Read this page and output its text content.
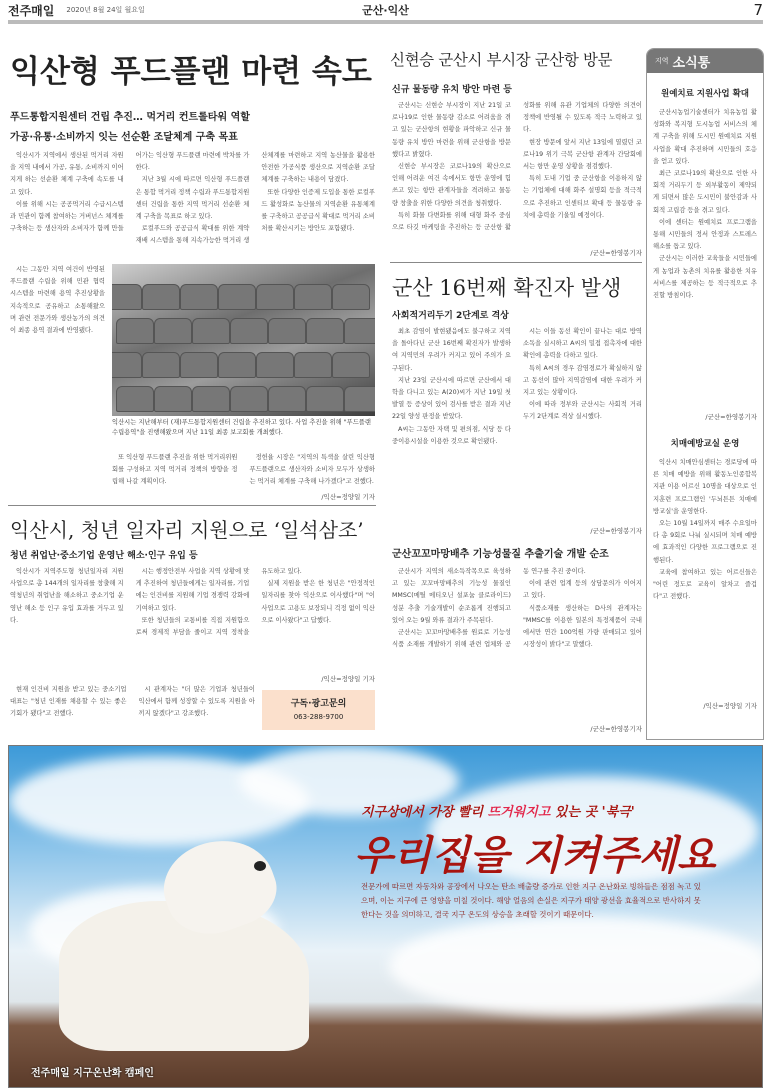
전주매일 2020년 8월 24일 월요일	군산·익산	7
익산형 푸드플랜 마련 속도
푸드통합지원센터 건립 추진… 먹거리 컨트롤타워 역할
가공·유통·소비까지 잇는 선순환 조달체계 구축 목표

익산시가 지역에서 생산된 먹거리 자원을 지역 내에서 가공, 유통, 소비까지 이어지게 하는 선순환 체계 구축에 속도를 내고 있다.

이를 위해 시는 공공먹거리 수급시스템과 민관이 함께 참여하는 거버넌스 체계를 구축하는 등 생산자와 소비자가 함께 만들어가는 익산형 푸드플랜 마련에 박차를 가한다.

지난 3월 시에 따르면 익산형 푸드플랜은 통합 먹거리 정책 수립과 푸드통합지원센터 건립을 통한 지역 먹거리 선순환 체계 구축을 목표로 하고 있다.

로컬푸드와 공공급식 확대를 위한 계약재배 시스템을 통해 지속가능한 먹거리 생산체계를 마련하고 지역 농산물을 활용한 안전한 가공식품 생산으로 지역순환 조달체계를 구축하는 내용이 담겼다.

또한 다양한 인증제 도입을 통한 로컬푸드 활성화로 농산물의 지역순환 유통체계를 구축하고 공공급식 확대로 먹거리 소비처를 확산시키는 방안도 포함됐다.

시는 그동안 지역 여건이 반영된 푸드플랜 수립을 위해 민관 협력 시스템을 마련해 용역 추진상황을 지속적으로 공유하고 소통해왔으며 관련 전문가와 생산농가의 의견이 최종 용역 결과에 반영됐다.

익산시는 지난해부터 (재)푸드통합지원센터 건립을 추진하고 있다. 사업 추진을 위해 "푸드플랜 수립용역"을 진행해왔으며 지난 11일 최종 보고회를 개최했다.

또 익산형 푸드플랜 추진을 위한 먹거리위원회를 구성하고 지역 먹거리 정책의 방향을 정립해 나갈 계획이다.

정헌율 시장은 "지역의 특색을 살린 익산형 푸드플랜으로 생산자와 소비자 모두가 상생하는 먹거리 체계를 구축해 나가겠다"고 전했다.

/익산=정양일 기자
익산시, 청년 일자리 지원으로 ‘일석삼조’
청년 취업난·중소기업 운영난 해소·인구 유입 등

익산시가 지역주도형 청년일자리 지원사업으로 총 144개의 일자리를 창출해 지역청년의 취업난을 해소하고 중소기업 운영난 해소 등 인구 유입 효과를 거두고 있다.

시는 행정안전부 사업을 지역 상황에 맞게 추진하여 청년들에게는 일자리를, 기업에는 인건비를 지원해 기업 경쟁력 강화에 기여하고 있다.

또한 청년들의 교통비를 직접 지원함으로써 경제적 부담을 줄이고 지역 정착을 유도하고 있다.

실제 지원을 받은 한 청년은 "안정적인 일자리를 찾아 익산으로 이사했다"며 "이 사업으로 고용도 보장되니 걱정 없이 익산으로 이사왔다"고 답했다.

현재 인건비 지원을 받고 있는 중소기업 대표는 "청년 인재를 채용할 수 있는 좋은 기회가 됐다"고 전했다.

시 관계자는 "더 많은 기업과 청년들이 익산에서 함께 성장할 수 있도록 지원을 아끼지 않겠다"고 강조했다.

/익산=정양일 기자
구독·광고문의
063-288-9700
신현승 군산시 부시장 군산항 방문
신규 물동량 유치 방안 마련 등

군산시는 신현승 부시장이 지난 21일 코로나19로 인한 물동량 감소로 어려움을 겪고 있는 군산항의 현황을 파악하고 신규 물동량 유치 방안 마련을 위해 군산항을 방문했다고 밝혔다.

신현승 부시장은 코로나19의 확산으로 인해 어려운 여건 속에서도 항만 운영에 힘쓰고 있는 항만 관계자들을 격려하고 물동량 창출을 위한 다양한 의견을 청취했다.

특히 화물 다변화를 위해 대형 화주 중심으로 타깃 마케팅을 추진하는 등 군산항 활성화를 위해 유관 기업체의 다양한 의견이 정책에 반영될 수 있도록 적극 노력하고 있다.

현장 방문에 앞서 지난 13일에 열렸던 코로나19 위기 극복 군산항 관계자 간담회에서는 항만 운영 상황을 점검했다.

특히 도내 기업 중 군산항을 이용하지 않는 기업체에 대해 화주 설명회 등을 적극적으로 추진하고 인센티브 확대 등 물동량 유치에 총력을 기울일 예정이다.

/군산=한영봉기자
군산 16번째 확진자 발생
사회적거리두기 2단계로 격상

최초 감염이 발현됐음에도 불구하고 지역을 돌아다닌 군산 16번째 확진자가 발생하여 지역민의 우려가 커지고 있어 주의가 요구된다.

지난 23일 군산시에 따르면 군산에서 대학을 다니고 있는 A(20)씨가 지난 19일 첫 발열 등 증상이 있어 검사를 받은 결과 지난 22일 양성 판정을 받았다.

A씨는 그동안 자택 및 편의점, 식당 등 다중이용시설을 이용한 것으로 확인됐다.

시는 이들 동선 확인이 끝나는 대로 방역 소독을 실시하고 A씨의 밀접 접촉자에 대한 확인에 총력을 다하고 있다.

특히 A씨의 경우 감염경로가 확실하지 않고 동선이 많아 지역감염에 대한 우려가 커지고 있는 상황이다.

이에 따라 정부와 군산시는 사회적 거리두기 2단계로 격상 실시했다.

/군산=한영봉기자
군산꼬꼬마망배추 기능성물질 추출기술 개발 순조

군산시가 지역의 새소득작목으로 육성하고 있는 꼬꼬마망배추의 기능성 물질인 MMSC(메틸 메티오닌 설포늄 클로라이드) 성분 추출 기술개발이 순조롭게 진행되고 있어 오는 9월 와류 결과가 주목된다.

군산시는 꼬꼬마망배추를 원료로 기능성 식품 소재를 개발하기 위해 관련 업체와 공동 연구를 추진 중이다.

이에 관련 업계 등의 상담문의가 이어지고 있다.

식품소재를 생산하는 D사의 관계자는 "MMSC를 이용한 일본의 특정제품이 국내에서만 연간 100억원 가량 판매되고 있어 시장성이 밝다"고 말했다.

/군산=한영봉기자
지역 소식통
원예치료 지원사업 확대

군산시농업기술센터가 치유농업 활성화와 복지형 도시농업 서비스의 체계 구축을 위해 도시민 원예치료 지원사업을 확대 추진하며 시민들의 호응을 얻고 있다.

최근 코로나19의 확산으로 인한 사회적 거리두기 등 외부활동이 제약되게 되면서 많은 도시민이 불안감과 사회적 고립감 등을 겪고 있다.

이에 센터는 원예치료 프로그램을 통해 시민들의 정서 안정과 스트레스 해소를 돕고 있다.

군산시는 이러한 교육들을 시민들에게 농업과 농촌의 치유를 활용한 치유 서비스를 제공하는 등 적극적으로 추진할 방침이다.

/군산=한영봉기자
치매예방교실 운영

익산시 치매안심센터는 경로당에 따른 치매 예방을 위해 활동노인종합복지관 이용 어르신 10명을 대상으로 인지훈련 프로그램인 '두뇌튼튼 치매예방교실'을 운영한다.

오는 10월 14일까지 매주 수요일마다 총 9회로 나눠 실시되며 치매 예방에 효과적인 다양한 프로그램으로 진행된다.

교육에 참여하고 있는 어르신들은 "어린 정도로 교육이 알차고 즐겁다"고 전했다.

/익산=정양일 기자
지구상에서 가장 빨리 뜨거워지고 있는 곳 '북극'
우리집을 지켜주세요
전문가에 따르면 자동차와 공장에서 나오는 탄소 배출량 증가로 인한 지구 온난화로 빙하들은 점점 녹고 있으며, 이는 지구에 큰 영향을 미칠 것이다. 해양 얼음의 손실은 지구가 태양 광선을 효율적으로 반사하지 못한다는 것을 의미하고, 결국 지구 온도의 상승을 초래할 것이기 때문이다.
전주매일 지구온난화 캠페인
